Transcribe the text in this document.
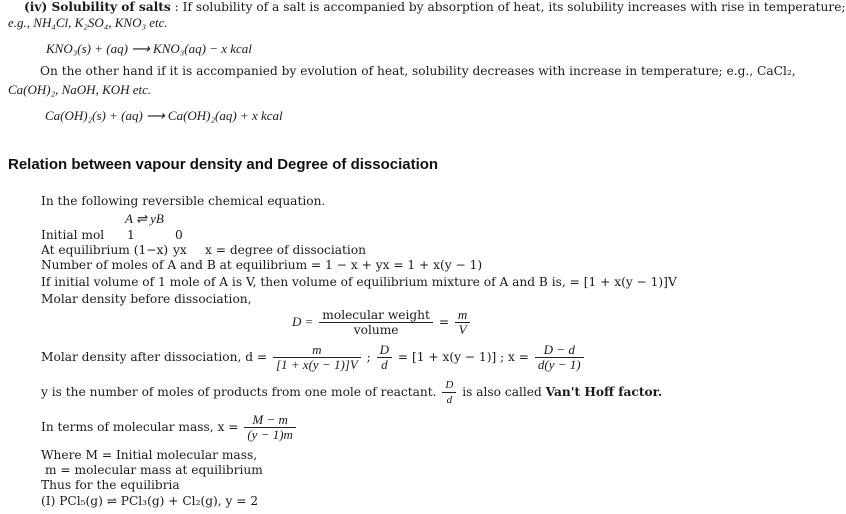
(iv) Solubility of salts : If solubility of a salt is accompanied by absorption of heat, its solubility increases with rise in temperature;
e.g., NH₄Cl, K₂SO₄, KNO₃ etc.
KNO₃(s) + (aq) ⟶ KNO₃(aq) − x kcal
On the other hand if it is accompanied by evolution of heat, solubility decreases with increase in temperature; e.g., CaCl₂,
Ca(OH)₂, NaOH, KOH etc.
Ca(OH)₂(s) + (aq) ⟶ Ca(OH)₂(aq) + x kcal
Relation between vapour density and Degree of dissociation
In the following reversible chemical equation.
A ⇌ yB
Initial mol 1	0
At equilibrium (1−x) yx x = degree of dissociation
Number of moles of A and B at equilibrium = 1 − x + yx = 1 + x(y − 1)
If initial volume of 1 mole of A is V, then volume of equilibrium mixture of A and B is, = [1 + x(y − 1)]V
Molar density before dissociation,
$D = \frac{\text{molecular weight}}{\text{volume}} = \frac{m}{V}$
Molar density after dissociation, $d = \frac{m}{[1 + x(y - 1)]V}$ ; $\frac{D}{d} = [1 + x(y - 1)]$ ; $x = \frac{D - d}{d(y - 1)}$
y is the number of moles of products from one mole of reactant. $\frac{D}{d}$ is also called Van't Hoff factor.
In terms of molecular mass, $x = \frac{M - m}{(y - 1)m}$
Where M = Initial molecular mass,
m = molecular mass at equilibrium
Thus for the equilibria
(I) PCl₅(g) ⇌ PCl₃(g) + Cl₂(g), y = 2
